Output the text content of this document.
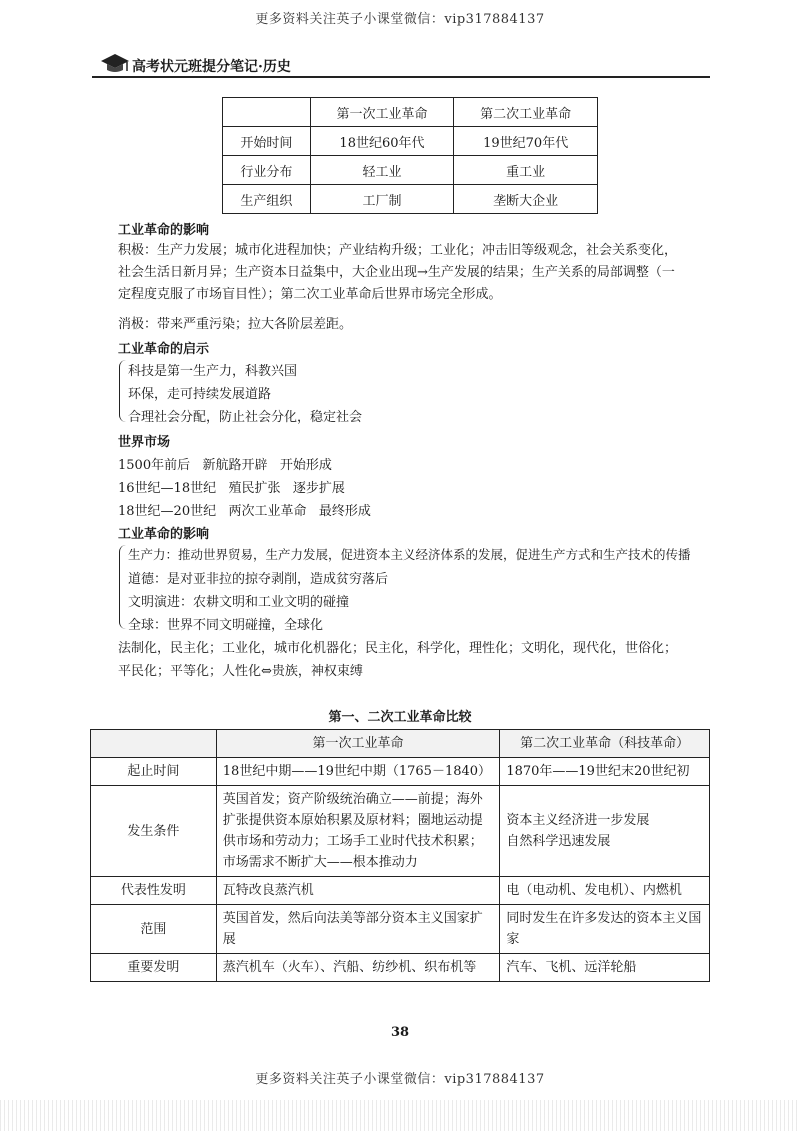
更多资料关注英子小课堂微信：vip317884137
高考状元班提分笔记·历史
	第一次工业革命	第二次工业革命
开始时间	18世纪60年代	19世纪70年代
行业分布	轻工业	重工业
生产组织	工厂制	垄断大企业
工业革命的影响
积极：生产力发展；城市化进程加快；产业结构升级；工业化；冲击旧等级观念，社会关系变化，社会生活日新月异；生产资本日益集中，大企业出现→生产发展的结果；生产关系的局部调整（一定程度克服了市场盲目性）；第二次工业革命后世界市场完全形成。
消极：带来严重污染；拉大各阶层差距。
工业革命的启示
科技是第一生产力，科教兴国
环保，走可持续发展道路
合理社会分配，防止社会分化，稳定社会
世界市场
1500年前后 新航路开辟 开始形成
16世纪—18世纪 殖民扩张 逐步扩展
18世纪—20世纪 两次工业革命 最终形成
工业革命的影响
生产力：推动世界贸易，生产力发展，促进资本主义经济体系的发展，促进生产方式和生产技术的传播
道德：是对亚非拉的掠夺剥削，造成贫穷落后
文明演进：农耕文明和工业文明的碰撞
全球：世界不同文明碰撞，全球化
法制化，民主化；工业化，城市化机器化；民主化，科学化，理性化；文明化，现代化，世俗化；
平民化；平等化；人性化⇔贵族，神权束缚
第一、二次工业革命比较
	第一次工业革命	第二次工业革命（科技革命）
起止时间	18世纪中期——19世纪中期（1765－1840）	1870年——19世纪末20世纪初
发生条件	英国首发；资产阶级统治确立——前提；海外扩张提供资本原始积累及原材料；圈地运动提供市场和劳动力；工场手工业时代技术积累；市场需求不断扩大——根本推动力	资本主义经济进一步发展
自然科学迅速发展
代表性发明	瓦特改良蒸汽机	电（电动机、发电机）、内燃机
范围	英国首发，然后向法美等部分资本主义国家扩展	同时发生在许多发达的资本主义国家
重要发明	蒸汽机车（火车）、汽船、纺纱机、织布机等	汽车、飞机、远洋轮船
38
更多资料关注英子小课堂微信：vip317884137
